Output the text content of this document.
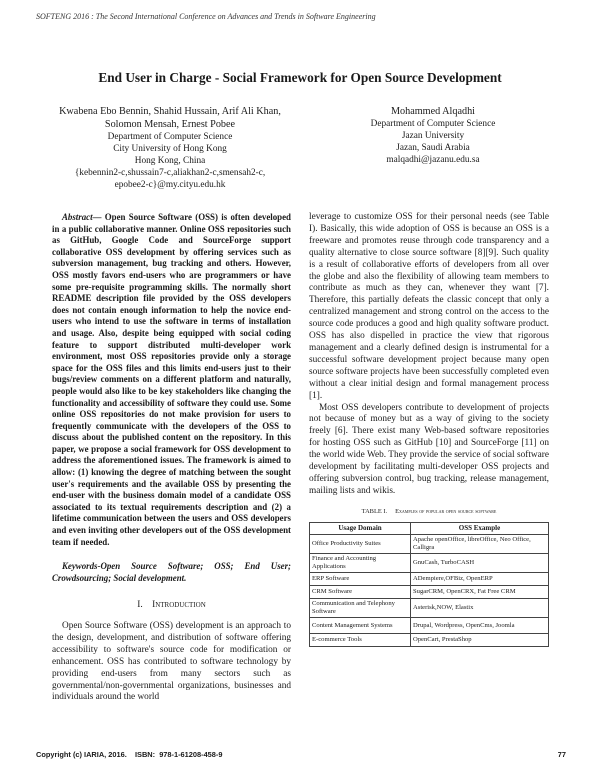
SOFTENG 2016 : The Second International Conference on Advances and Trends in Software Engineering
End User in Charge - Social Framework for Open Source Development
Kwabena Ebo Bennin, Shahid Hussain, Arif Ali Khan, Solomon Mensah, Ernest Pobee
Department of Computer Science
City University of Hong Kong
Hong Kong, China
{kebennin2-c,shussain7-c,aliakhan2-c,smensah2-c,
epobee2-c}@my.cityu.edu.hk
Mohammed Alqadhi
Department of Computer Science
Jazan University
Jazan, Saudi Arabia
malqadhi@jazanu.edu.sa

Abstract— Open Source Software (OSS) is often developed in a public collaborative manner. Online OSS repositories such as GitHub, Google Code and SourceForge support collaborative OSS development by offering services such as subversion management, bug tracking and others. However, OSS mostly favors end-users who are programmers or have some pre-requisite programming skills. The normally short README description file provided by the OSS developers does not contain enough information to help the novice end-users who intend to use the software in terms of installation and usage. Also, despite being equipped with social coding feature to support distributed multi-developer work environment, most OSS repositories provide only a storage space for the OSS files and this limits end-users just to their bugs/review comments on a different platform and naturally, people would also like to be key stakeholders like changing the functionality and accessibility of software they could use. Some online OSS repositories do not make provision for users to frequently communicate with the developers of the OSS to discuss about the published content on the repository. In this paper, we propose a social framework for OSS development to address the aforementioned issues. The framework is aimed to allow: (1) knowing the degree of matching between the sought user's requirements and the available OSS by presenting the end-user with the business domain model of a candidate OSS associated to its textual requirements description and (2) a lifetime communication between the users and OSS developers and even inviting other developers out of the OSS development team if needed.

Keywords-Open Source Software; OSS; End User; Crowdsourcing; Social development.

I. Introduction

Open Source Software (OSS) development is an approach to the design, development, and distribution of software offering accessibility to software's source code for modification or enhancement. OSS has contributed to software technology by providing end-users from many sectors such as governmental/non-governmental organizations, businesses and individuals around the world

leverage to customize OSS for their personal needs (see Table I). Basically, this wide adoption of OSS is because an OSS is a freeware and promotes reuse through code transparency and a quality alternative to close source software [8][9]. Such quality is a result of collaborative efforts of developers from all over the globe and also the flexibility of allowing team members to contribute as much as they can, whenever they want [7]. Therefore, this partially defeats the classic concept that only a centralized management and strong control on the access to the source code produces a good and high quality software product. OSS has also dispelled in practice the view that rigorous management and a clearly defined design is instrumental for a successful software development project because many open source software projects have been successfully completed even without a clear initial design and formal management process [1].

Most OSS developers contribute to development of projects not because of money but as a way of giving to the society freely [6]. There exist many Web-based software repositories for hosting OSS such as GitHub [10] and SourceForge [11] on the world wide Web. They provide the service of social software development by facilitating multi-developer OSS projects and offering subversion control, bug tracking, release management, mailing lists and wikis.

TABLE I. Examples of popular open source software

Usage Domain	OSS Example
Office Productivity Suites	Apache openOffice, libreOffice, Neo Office, Calligra
Finance and Accounting Applications	GnuCash, TurboCASH
ERP Software	ADempiere,OFBiz, OpenERP
CRM Software	SugarCRM, OpenCRX, Fat Free CRM
Communication and Telephony Software	Asterisk,NOW, Elastix
Content Management Systems	Drupal, Wordpress, OpenCms, Joomla
E-commerce Tools	OpenCart, PrestaShop
Copyright (c) IARIA, 2016.    ISBN:  978-1-61208-458-9	77
